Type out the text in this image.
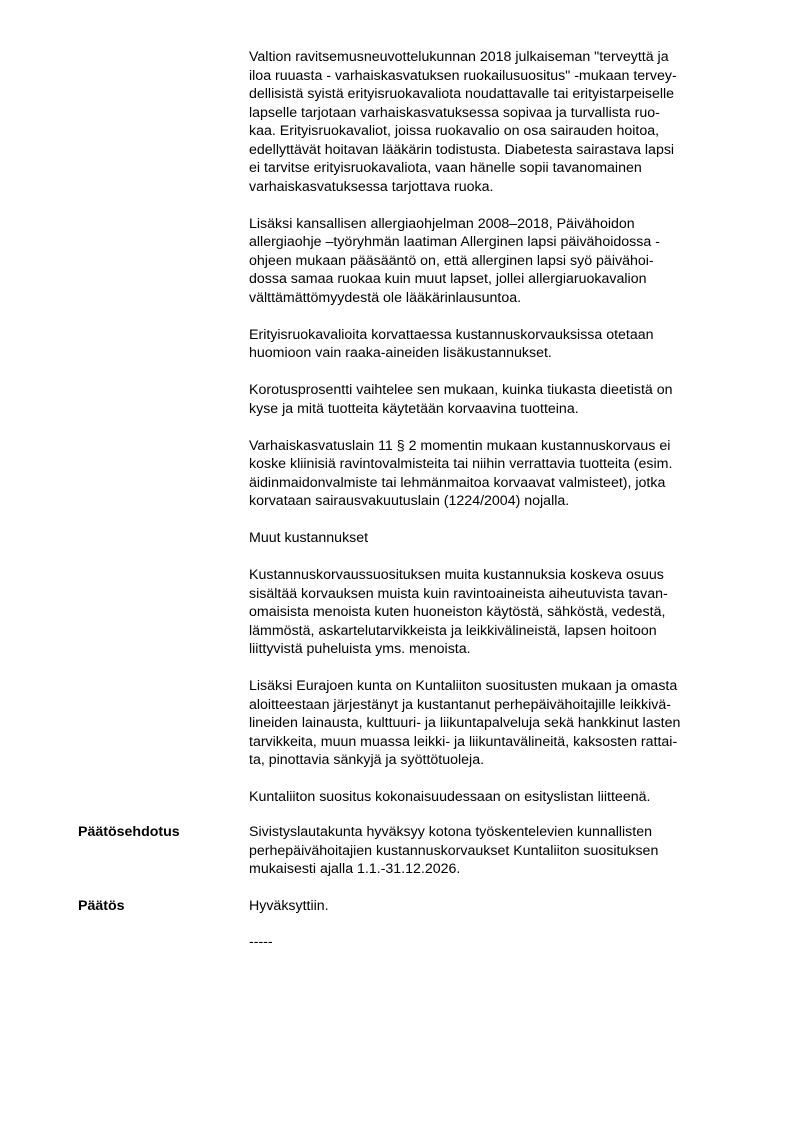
Valtion ravitsemusneuvottelukunnan 2018 julkaiseman "terveyttä ja
iloa ruuasta - varhaiskasvatuksen ruokailusuositus" -mukaan tervey-
dellisistä syistä erityisruokavaliota noudattavalle tai erityistarpeiselle
lapselle tarjotaan varhaiskasvatuksessa sopivaa ja turvallista ruo-
kaa. Erityisruokavaliot, joissa ruokavalio on osa sairauden hoitoa,
edellyttävät hoitavan lääkärin todistusta. Diabetesta sairastava lapsi
ei tarvitse erityisruokavaliota, vaan hänelle sopii tavanomainen
varhaiskasvatuksessa tarjottava ruoka.

Lisäksi kansallisen allergiaohjelman 2008–2018, Päivähoidon
allergiaohje –työryhmän laatiman Allerginen lapsi päivähoidossa -
ohjeen mukaan pääsääntö on, että allerginen lapsi syö päivähoi-
dossa samaa ruokaa kuin muut lapset, jollei allergiaruokavalion
välttämättömyydestä ole lääkärinlausuntoa.

Erityisruokavalioita korvattaessa kustannuskorvauksissa otetaan
huomioon vain raaka-aineiden lisäkustannukset.

Korotusprosentti vaihtelee sen mukaan, kuinka tiukasta dieetistä on
kyse ja mitä tuotteita käytetään korvaavina tuotteina.

Varhaiskasvatuslain 11 § 2 momentin mukaan kustannuskorvaus ei
koske kliinisiä ravintovalmisteita tai niihin verrattavia tuotteita (esim.
äidinmaidonvalmiste tai lehmänmaitoa korvaavat valmisteet), jotka
korvataan sairausvakuutuslain (1224/2004) nojalla.

Muut kustannukset

Kustannuskorvaussuosituksen muita kustannuksia koskeva osuus
sisältää korvauksen muista kuin ravintoaineista aiheutuvista tavan-
omaisista menoista kuten huoneiston käytöstä, sähköstä, vedestä,
lämmöstä, askartelutarvikkeista ja leikkivälineistä, lapsen hoitoon
liittyvistä puheluista yms. menoista.

Lisäksi Eurajoen kunta on Kuntaliiton suositusten mukaan ja omasta
aloitteestaan järjestänyt ja kustantanut perhepäivähoitajille leikkivä-
lineiden lainausta, kulttuuri- ja liikuntapalveluja sekä hankkinut lasten
tarvikkeita, muun muassa leikki- ja liikuntavälineitä, kaksosten rattai-
ta, pinottavia sänkyjä ja syöttötuoleja.

Kuntaliiton suositus kokonaisuudessaan on esityslistan liitteenä.

Päätösehdotus	Sivistyslautakunta hyväksyy kotona työskentelevien kunnallisten
perhepäivähoitajien kustannuskorvaukset Kuntaliiton suosituksen
mukaisesti ajalla 1.1.-31.12.2026.
Päätös	Hyväksyttiin.
-----
